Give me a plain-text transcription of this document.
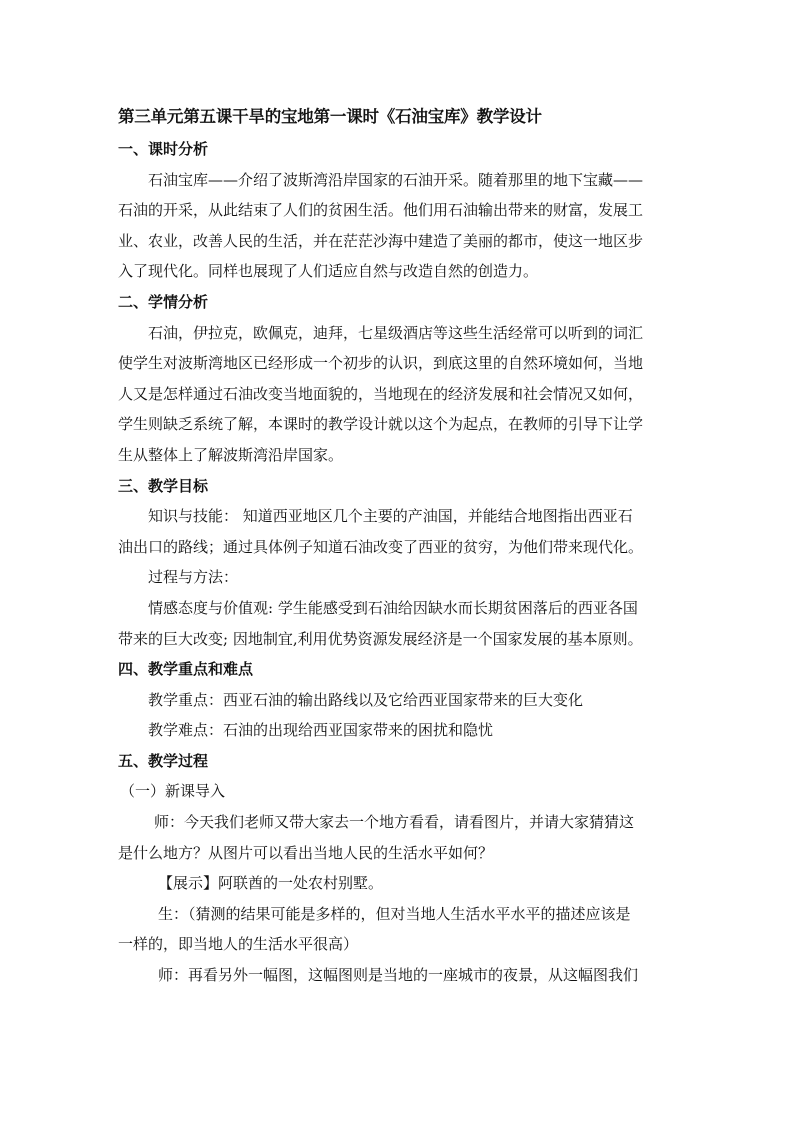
第三单元第五课干旱的宝地第一课时《石油宝库》教学设计
一、课时分析
石油宝库——介绍了波斯湾沿岸国家的石油开采。随着那里的地下宝藏——
石油的开采，从此结束了人们的贫困生活。他们用石油输出带来的财富，发展工
业、农业，改善人民的生活，并在茫茫沙海中建造了美丽的都市，使这一地区步
入了现代化。同样也展现了人们适应自然与改造自然的创造力。
二、学情分析
石油，伊拉克，欧佩克，迪拜，七星级酒店等这些生活经常可以听到的词汇
使学生对波斯湾地区已经形成一个初步的认识，到底这里的自然环境如何，当地
人又是怎样通过石油改变当地面貌的，当地现在的经济发展和社会情况又如何，
学生则缺乏系统了解，本课时的教学设计就以这个为起点，在教师的引导下让学
生从整体上了解波斯湾沿岸国家。
三、教学目标
知识与技能： 知道西亚地区几个主要的产油国，并能结合地图指出西亚石
油出口的路线；通过具体例子知道石油改变了西亚的贫穷，为他们带来现代化。
过程与方法：
情感态度与价值观: 学生能感受到石油给因缺水而长期贫困落后的西亚各国
带来的巨大改变; 因地制宜,利用优势资源发展经济是一个国家发展的基本原则。
四、教学重点和难点
教学重点：西亚石油的输出路线以及它给西亚国家带来的巨大变化
教学难点：石油的出现给西亚国家带来的困扰和隐忧
五、教学过程
（一）新课导入
师：今天我们老师又带大家去一个地方看看，请看图片，并请大家猜猜这
是什么地方？从图片可以看出当地人民的生活水平如何？
【展示】阿联酋的一处农村别墅。
生：（猜测的结果可能是多样的，但对当地人生活水平水平的描述应该是
一样的，即当地人的生活水平很高）
师：再看另外一幅图，这幅图则是当地的一座城市的夜景，从这幅图我们
